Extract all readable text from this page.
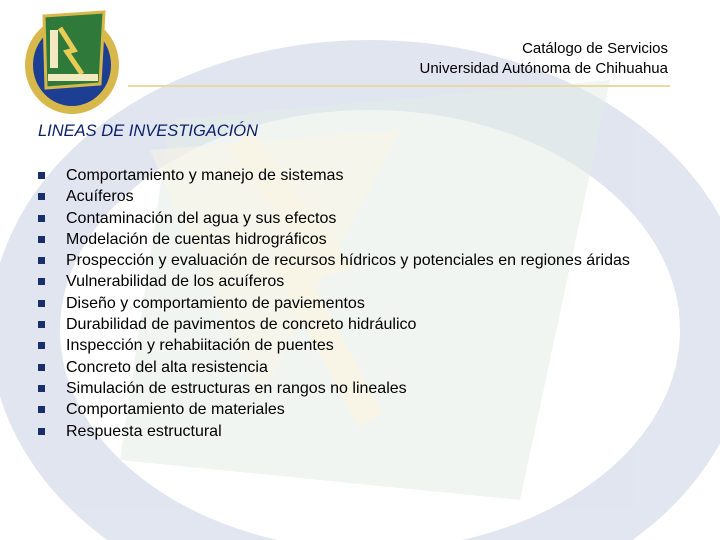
Catálogo de Servicios
Universidad Autónoma de Chihuahua
LINEAS DE INVESTIGACIÓN
Comportamiento y manejo de sistemas
Acuíferos
Contaminación del agua y sus efectos
Modelación de cuentas hidrográficos
Prospección y evaluación de recursos hídricos y potenciales en regiones áridas
Vulnerabilidad de los acuíferos
Diseño y comportamiento de paviementos
Durabilidad de pavimentos de concreto hidráulico
Inspección y rehabiitación de puentes
Concreto del alta resistencia
Simulación de estructuras en rangos no lineales
Comportamiento de materiales
Respuesta estructural
